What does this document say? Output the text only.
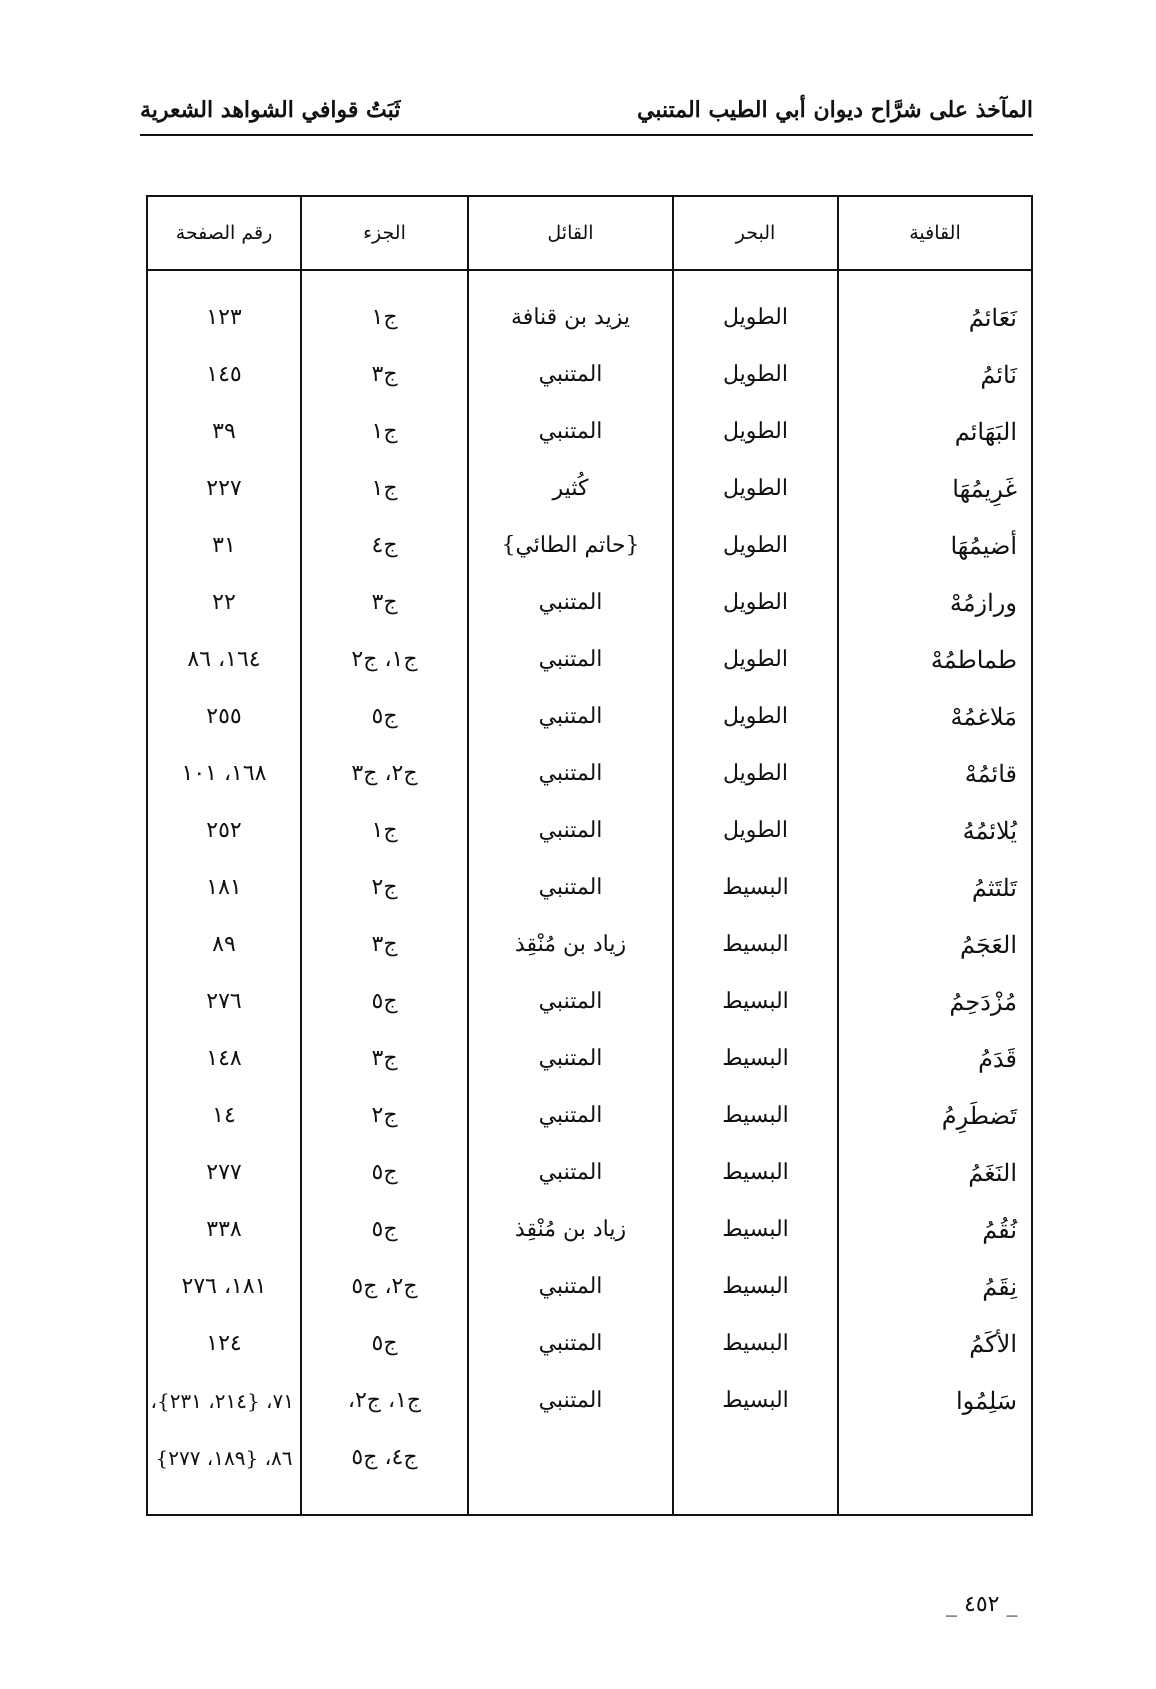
المآخذ على شرَّاح ديوان أبي الطيب المتنبي
ثَبَتُ قوافي الشواهد الشعرية
القافية	البحر	القائل	الجزء	رقم الصفحة
نَعَائمُ	الطويل	يزيد بن قنافة	ج١	١٢٣
نَائمُ	الطويل	المتنبي	ج٣	١٤٥
البَهَائم	الطويل	المتنبي	ج١	٣٩
غَرِيمُهَا	الطويل	كُثير	ج١	٢٢٧
أضيمُهَا	الطويل	{حاتم الطائي}	ج٤	٣١
ورازمُهْ	الطويل	المتنبي	ج٣	٢٢
طماطمُهْ	الطويل	المتنبي	ج١، ج٢	١٦٤، ٨٦
مَلاغمُهْ	الطويل	المتنبي	ج٥	٢٥٥
قائمُهْ	الطويل	المتنبي	ج٢، ج٣	١٦٨، ١٠١
يُلائمُهُ	الطويل	المتنبي	ج١	٢٥٢
تَلتَثمُ	البسيط	المتنبي	ج٢	١٨١
العَجَمُ	البسيط	زياد بن مُنْقِذ	ج٣	٨٩
مُزْدَحِمُ	البسيط	المتنبي	ج٥	٢٧٦
قَدَمُ	البسيط	المتنبي	ج٣	١٤٨
تَضطَرِمُ	البسيط	المتنبي	ج٢	١٤
النَغَمُ	البسيط	المتنبي	ج٥	٢٧٧
نُقُمُ	البسيط	زياد بن مُنْقِذ	ج٥	٣٣٨
نِقَمُ	البسيط	المتنبي	ج٢، ج٥	١٨١، ٢٧٦
الأكَمُ	البسيط	المتنبي	ج٥	١٢٤
سَلِمُوا	البسيط	المتنبي	ج١، ج٢،	٧١، {٢١٤، ٢٣١}،
			ج٤، ج٥	٨٦، {١٨٩، ٢٧٧}

_ ٤٥٢ _
